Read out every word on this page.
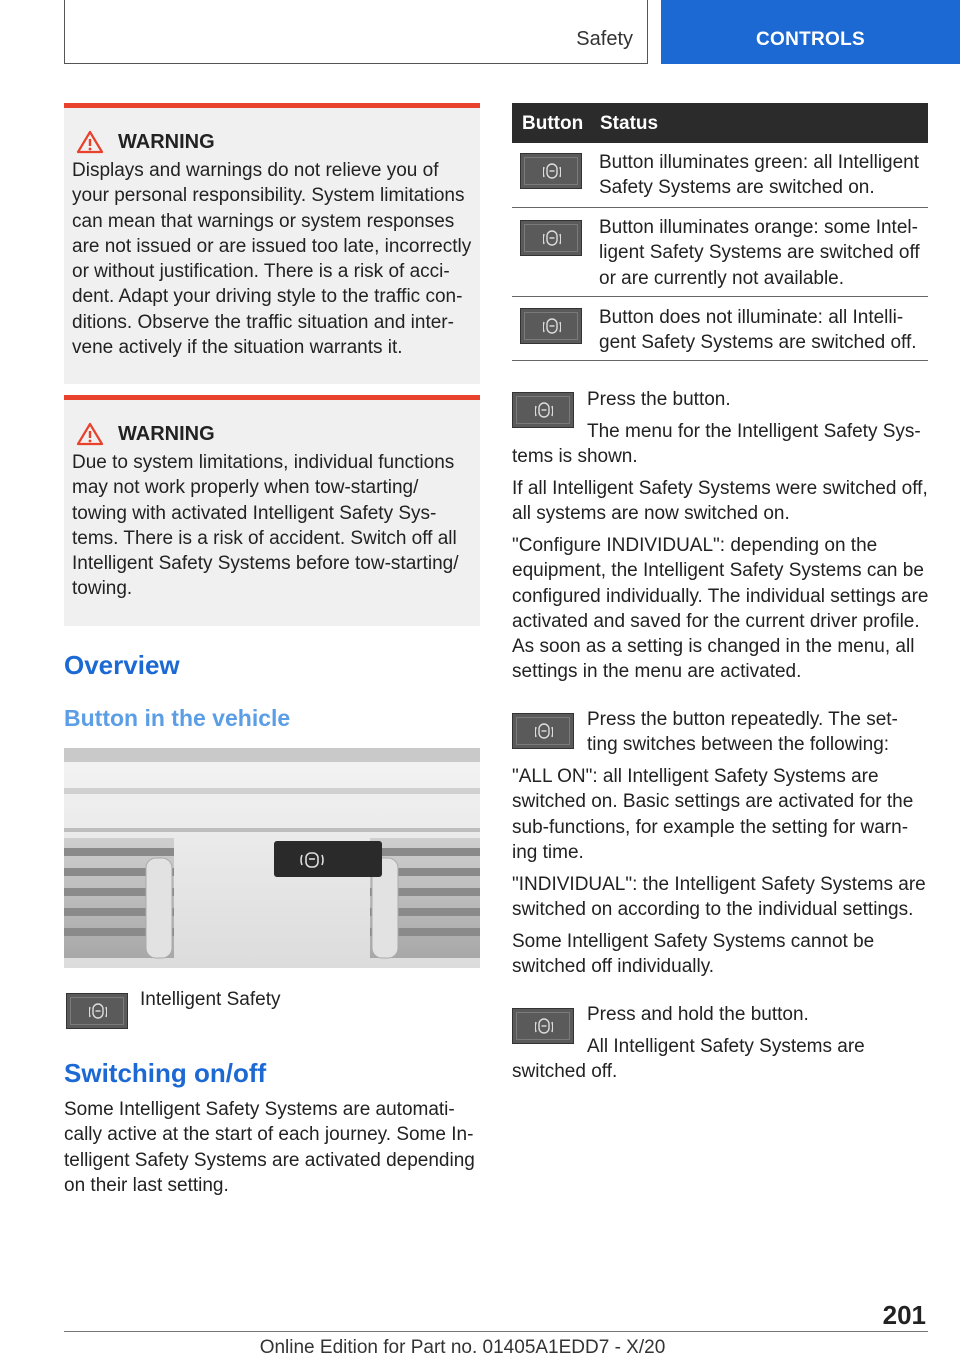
Safety	CONTROLS
WARNING
Displays and warnings do not relieve you of your personal responsibility. System limitations can mean that warnings or system responses are not issued or are issued too late, incorrectly or without justification. There is a risk of acci-dent. Adapt your driving style to the traffic con-ditions. Observe the traffic situation and inter-vene actively if the situation warrants it.
WARNING
Due to system limitations, individual functions may not work properly when tow-starting/ towing with activated Intelligent Safety Sys-tems. There is a risk of accident. Switch off all Intelligent Safety Systems before tow-starting/ towing.
Overview
Button in the vehicle
Intelligent Safety
Switching on/off
Some Intelligent Safety Systems are automati-cally active at the start of each journey. Some In-telligent Safety Systems are activated depending on their last setting.
Button Status
Button illuminates green: all Intelligent Safety Systems are switched on.
Button illuminates orange: some Intel-ligent Safety Systems are switched off or are currently not available.
Button does not illuminate: all Intelli-gent Safety Systems are switched off.
Press the button.
The menu for the Intelligent Safety Sys-tems is shown.
If all Intelligent Safety Systems were switched off, all systems are now switched on.
"Configure INDIVIDUAL": depending on the equipment, the Intelligent Safety Systems can be configured individually. The individual settings are activated and saved for the current driver profile. As soon as a setting is changed in the menu, all settings in the menu are activated.
Press the button repeatedly. The set-ting switches between the following:
"ALL ON": all Intelligent Safety Systems are switched on. Basic settings are activated for the sub-functions, for example the setting for warn-ing time.
"INDIVIDUAL": the Intelligent Safety Systems are switched on according to the individual settings.
Some Intelligent Safety Systems cannot be switched off individually.
Press and hold the button.
All Intelligent Safety Systems are switched off.
201
Online Edition for Part no. 01405A1EDD7 - X/20
